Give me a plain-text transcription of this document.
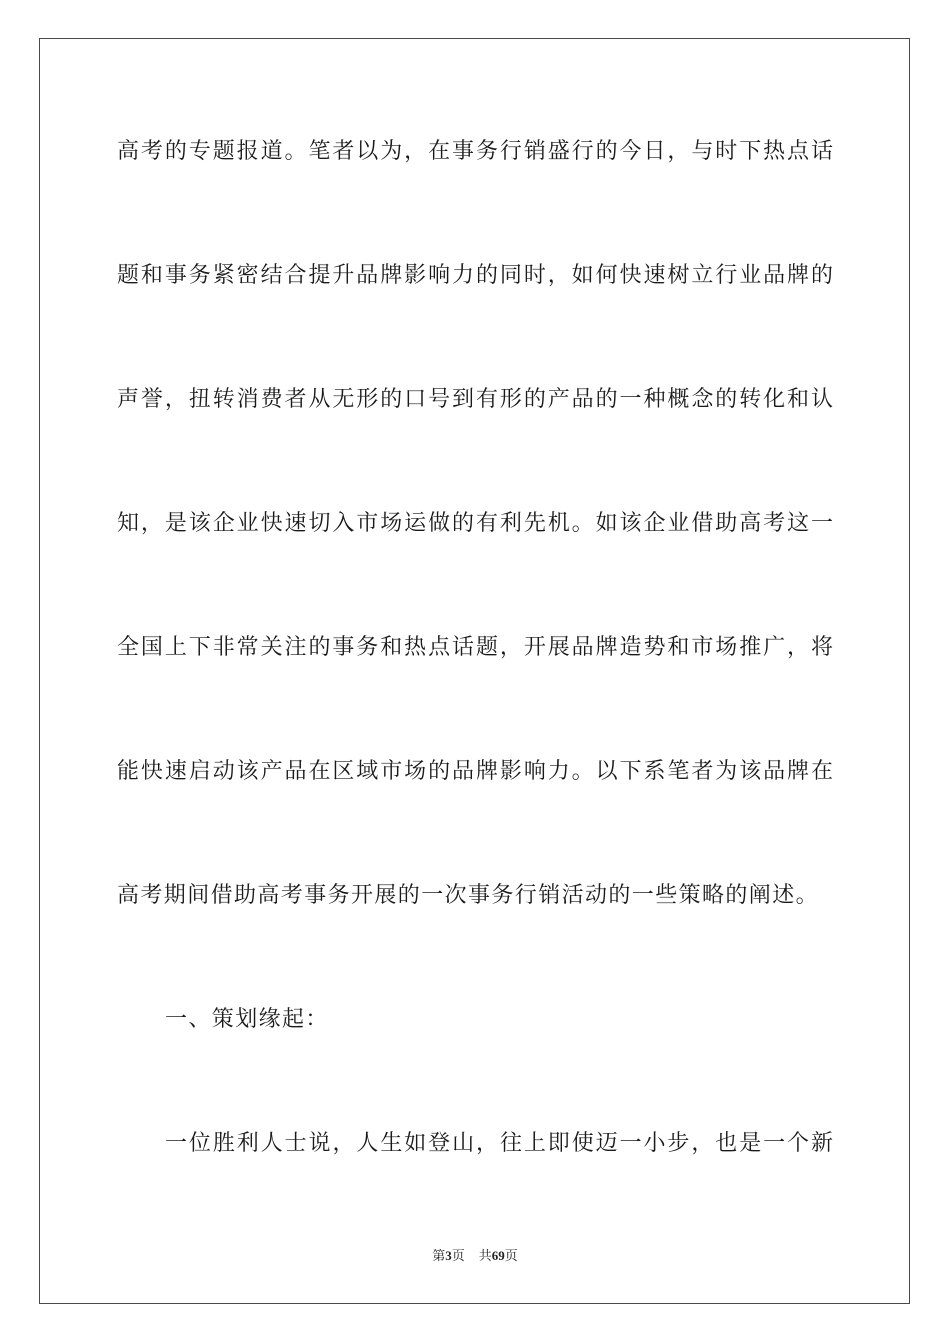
高考的专题报道。笔者以为，在事务行销盛行的今日，与时下热点话
题和事务紧密结合提升品牌影响力的同时，如何快速树立行业品牌的
声誉，扭转消费者从无形的口号到有形的产品的一种概念的转化和认
知，是该企业快速切入市场运做的有利先机。如该企业借助高考这一
全国上下非常关注的事务和热点话题，开展品牌造势和市场推广，将
能快速启动该产品在区域市场的品牌影响力。以下系笔者为该品牌在
高考期间借助高考事务开展的一次事务行销活动的一些策略的阐述。
一、策划缘起：
一位胜利人士说，人生如登山，往上即使迈一小步，也是一个新
第3页 共69页
